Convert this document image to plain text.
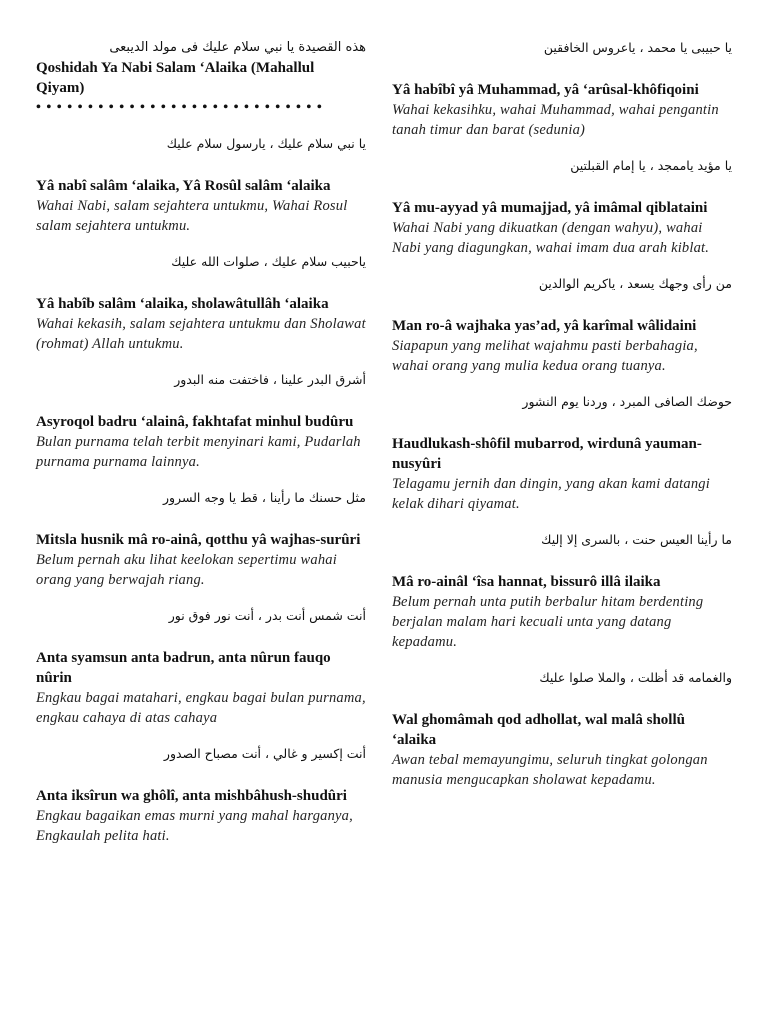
هذه القصيدة يا نبي سلام عليك فى مولد الديبعى

Qoshidah Ya Nabi Salam ‘Alaika (Mahallul Qiyam)

• • • • • • • • • • • • • • • • • • • • • • • • • • • •

يا نبي سلام عليك ، يارسول سلام عليك

Yâ nabî salâm ‘alaika, Yâ Rosûl salâm ‘alaika

Wahai Nabi, salam sejahtera untukmu, Wahai Rosul salam sejahtera untukmu.

ياحبيب سلام عليك ، صلوات الله عليك

Yâ habîb salâm ‘alaika, sholawâtullâh ‘alaika

Wahai kekasih, salam sejahtera untukmu dan Sholawat (rohmat) Allah untukmu.

أشرق البدر علينا ، فاختفت منه البدور

Asyroqol badru ‘alainâ, fakhtafat minhul budûru

Bulan purnama telah terbit menyinari kami, Pudarlah purnama purnama lainnya.

مثل حسنك ما رأينا ، قط يا وجه السرور

Mitsla husnik mâ ro-ainâ, qotthu yâ wajhas-surûri

Belum pernah aku lihat keelokan sepertimu wahai orang yang berwajah riang.

أنت شمس أنت بدر ، أنت نور فوق نور

Anta syamsun anta badrun, anta nûrun fauqo nûrin

Engkau bagai matahari, engkau bagai bulan purnama, engkau cahaya di atas cahaya

أنت إكسير و غالي ، أنت مصباح الصدور

Anta iksîrun wa ghôlî, anta mishbâhush-shudûri

Engkau bagaikan emas murni yang mahal harganya, Engkaulah pelita hati.

يا حبيبى يا محمد ، ياعروس الخافقين

Yâ habîbî yâ Muhammad, yâ ‘arûsal-khôfiqoini

Wahai kekasihku, wahai Muhammad, wahai pengantin tanah timur dan barat (sedunia)

يا مؤيد ياممجد ، يا إمام القبلتين

Yâ mu-ayyad yâ mumajjad, yâ imâmal qiblataini

Wahai Nabi yang dikuatkan (dengan wahyu), wahai Nabi yang diagungkan, wahai imam dua arah kiblat.

من رأى وجهك يسعد ، ياكريم الوالدين

Man ro-â wajhaka yas’ad, yâ karîmal wâlidaini

Siapapun yang melihat wajahmu pasti berbahagia, wahai orang yang mulia kedua orang tuanya.

حوضك الصافى المبرد ، وردنا يوم النشور

Haudlukash-shôfil mubarrod, wirdunâ yauman-nusyûri

Telagamu jernih dan dingin, yang akan kami datangi kelak dihari qiyamat.

ما رأينا العيس حنت ، بالسرى إلا إليك

Mâ ro-ainâl ‘îsa hannat, bissurô illâ ilaika

Belum pernah unta putih berbalur hitam berdenting berjalan malam hari kecuali unta yang datang kepadamu.

والغمامه قد أظلت ، والملا صلوا عليك

Wal ghomâmah qod adhollat, wal malâ shollû ‘alaika

Awan tebal memayungimu, seluruh tingkat golongan manusia mengucapkan sholawat kepadamu.
